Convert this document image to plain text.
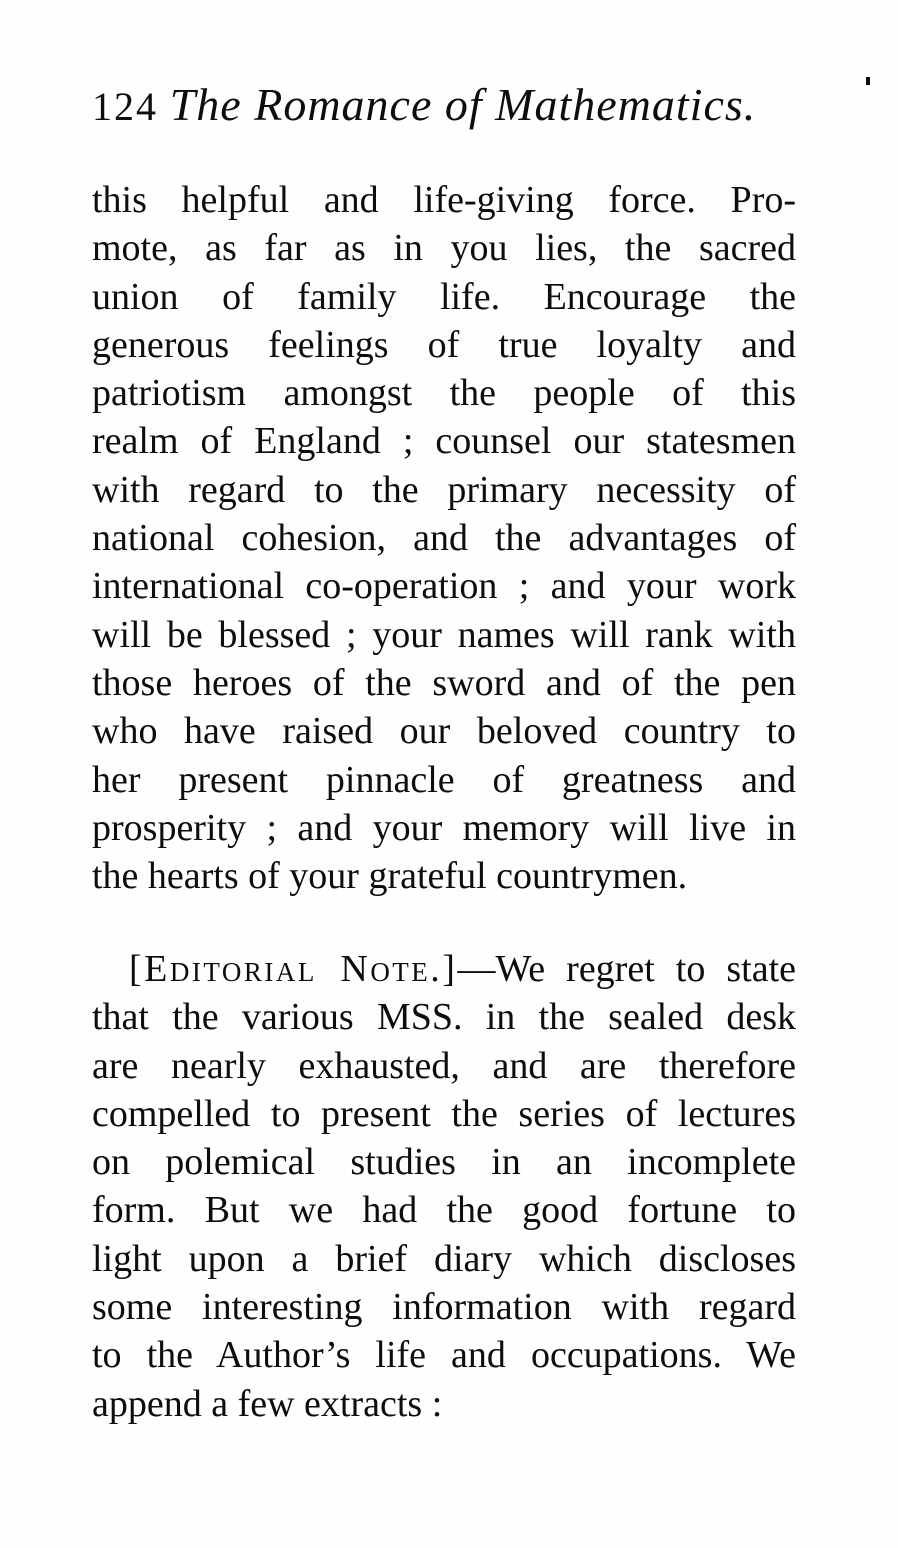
124 The Romance of Mathematics.
this helpful and life-giving force. Pro-
mote, as far as in you lies, the sacred
union of family life. Encourage the
generous feelings of true loyalty and
patriotism amongst the people of this
realm of England ; counsel our statesmen
with regard to the primary necessity of
national cohesion, and the advantages of
international co-operation ; and your work
will be blessed ; your names will rank with
those heroes of the sword and of the pen
who have raised our beloved country to
her present pinnacle of greatness and
prosperity ; and your memory will live in
the hearts of your grateful countrymen.
[Editorial Note.]—We regret to state
that the various MSS. in the sealed desk
are nearly exhausted, and are therefore
compelled to present the series of lectures
on polemical studies in an incomplete
form. But we had the good fortune to
light upon a brief diary which discloses
some interesting information with regard
to the Author’s life and occupations. We
append a few extracts :
